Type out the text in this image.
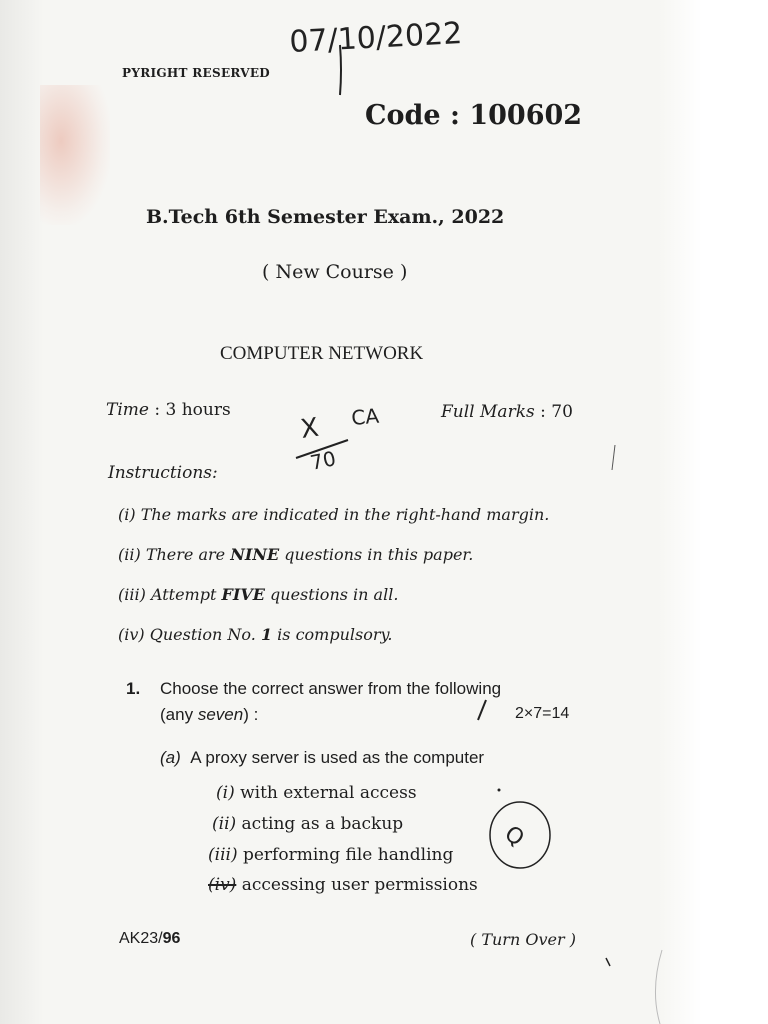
PYRIGHT RESERVED
Code : 100602
B.Tech 6th Semester Exam., 2022
( New Course )
COMPUTER NETWORK
Time : 3 hours	Full Marks : 70
Instructions:
(i) The marks are indicated in the right-hand margin.
(ii) There are NINE questions in this paper.
(iii) Attempt FIVE questions in all.
(iv) Question No. 1 is compulsory.
1. Choose the correct answer from the following
(any seven) :	2×7=14
(a) A proxy server is used as the computer
(i) with external access
(ii) acting as a backup
(iii) performing file handling
(iv) accessing user permissions
AK23/96	( Turn Over )
07/10/2022
X
70
CA
Q
